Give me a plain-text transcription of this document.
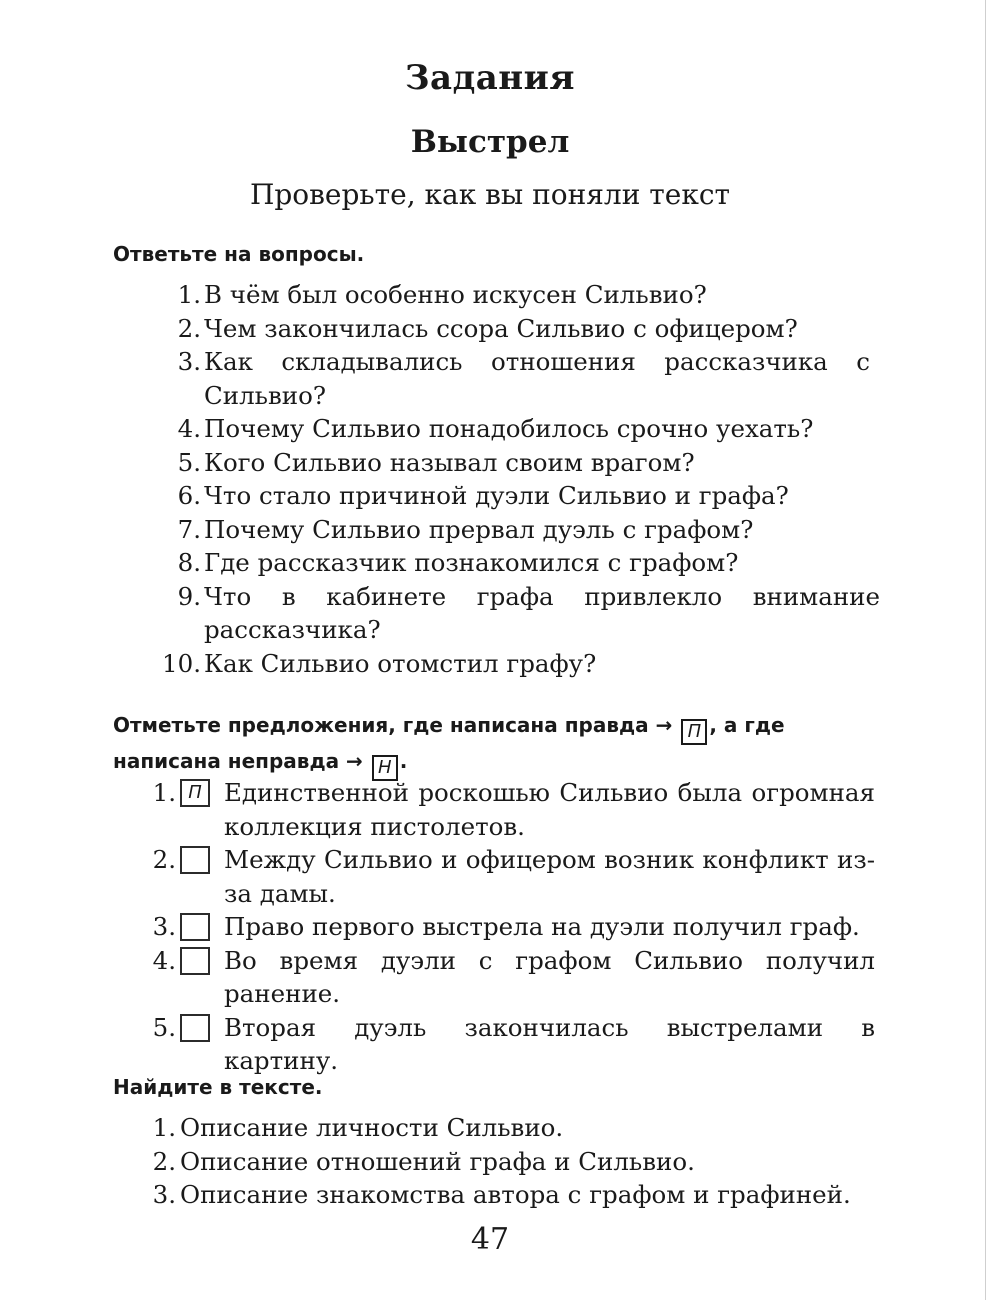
Задания
Выстрел
Проверьте, как вы поняли текст
Ответьте на вопросы.
1. В чём был особенно искусен Сильвио?
2. Чем закончилась ссора Сильвио с офицером?
3. Как складывались отношения рассказчика с Сильвио?
4. Почему Сильвио понадобилось срочно уехать?
5. Кого Сильвио называл своим врагом?
6. Что стало причиной дуэли Сильвио и графа?
7. Почему Сильвио прервал дуэль с графом?
8. Где рассказчик познакомился с графом?
9. Что в кабинете графа привлекло внимание рассказчика?
10. Как Сильвио отомстил графу?
Отметьте предложения, где написана правда → П , а где написана неправда → Н .
1. П Единственной роскошью Сильвио была огромная коллекция пистолетов.
2. Между Сильвио и офицером возник конфликт из-за дамы.
3. Право первого выстрела на дуэли получил граф.
4. Во время дуэли с графом Сильвио получил ранение.
5. Вторая дуэль закончилась выстрелами в картину.
Найдите в тексте.
1. Описание личности Сильвио.
2. Описание отношений графа и Сильвио.
3. Описание знакомства автора с графом и графиней.
47
